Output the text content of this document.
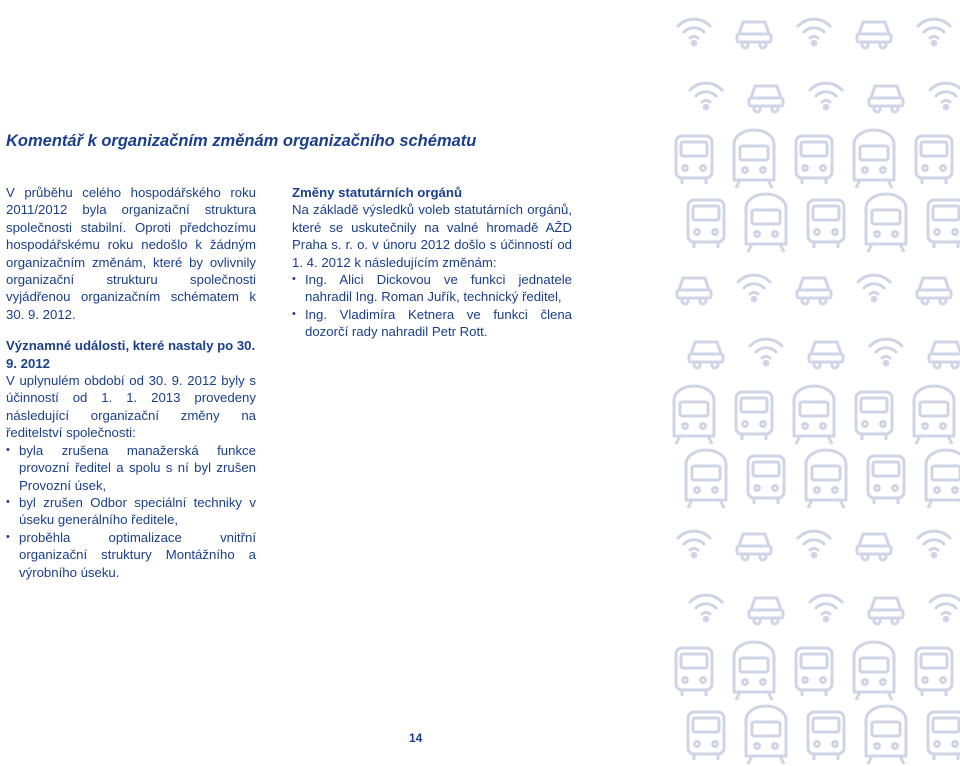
Komentář k organizačním změnám organizačního schématu

V průběhu celého hospodářského roku 2011/2012 byla organizační struktura společnosti stabilní. Oproti předchozímu hospodářskému roku nedošlo k žádným organizačním změnám, které by ovlivnily organizační strukturu společnosti vyjádřenou organizačním schématem k 30. 9. 2012.

Významné události, které nastaly po 30. 9. 2012

V uplynulém období od 30. 9. 2012 byly s účinností od 1. 1. 2013 provedeny následující organizační změny na ředitelství společnosti:

• byla zrušena manažerská funkce provozní ředitel a spolu s ní byl zrušen Provozní úsek,
• byl zrušen Odbor speciální techniky v úseku generálního ředitele,
• proběhla optimalizace vnitřní organizační struktury Montážního a výrobního úseku.

Změny statutárních orgánů

Na základě výsledků voleb statutárních orgánů, které se uskutečnily na valné hromadě AŽD Praha s. r. o. v únoru 2012 došlo s účinností od 1. 4. 2012 k následujícím změnám:

• Ing. Alici Dickovou ve funkci jednatele nahradil Ing. Roman Juřík, technický ředitel,
• Ing. Vladimíra Ketnera ve funkci člena dozorčí rady nahradil Petr Rott.
14
